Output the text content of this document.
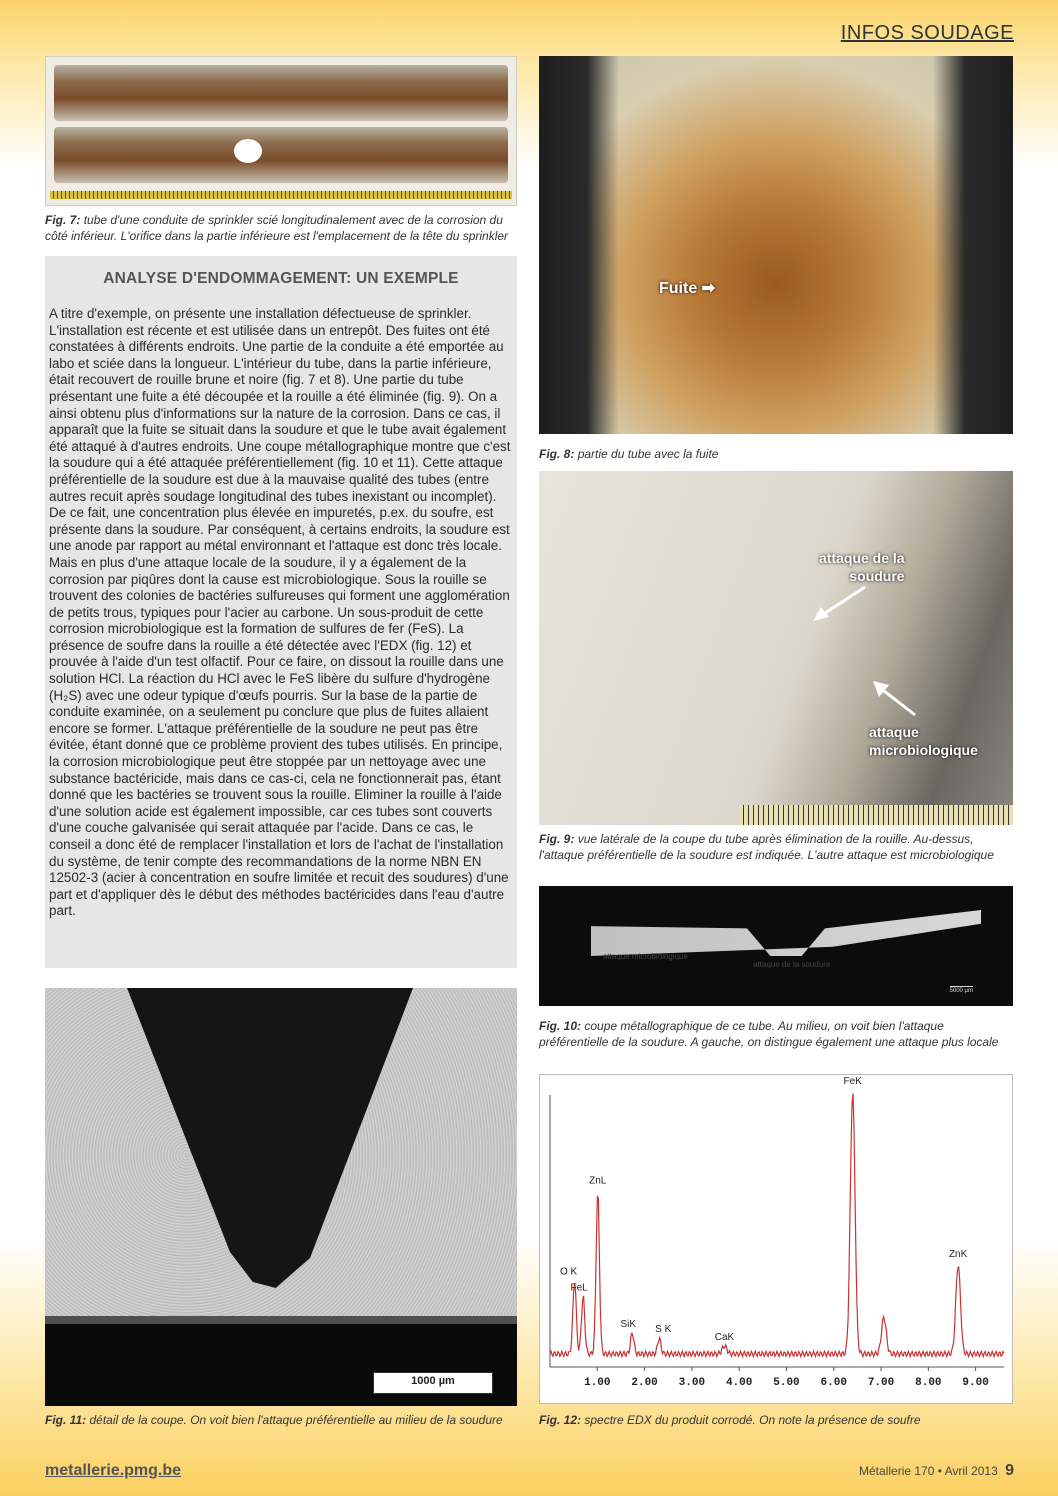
INFOS SOUDAGE
Fig. 7: tube d'une conduite de sprinkler scié longitudinalement avec de la corrosion du côté inférieur. L'orifice dans la partie inférieure est l'emplacement de la tête du sprinkler
ANALYSE D'ENDOMMAGEMENT: UN EXEMPLE

A titre d'exemple, on présente une installation défectueuse de sprinkler. L'installation est récente et est utilisée dans un entrepôt. Des fuites ont été constatées à différents endroits. Une partie de la conduite a été emportée au labo et sciée dans la longueur. L'intérieur du tube, dans la partie inférieure, était recouvert de rouille brune et noire (fig. 7 et 8). Une partie du tube présentant une fuite a été découpée et la rouille a été éliminée (fig. 9). On a ainsi obtenu plus d'informations sur la nature de la corrosion. Dans ce cas, il apparaît que la fuite se situait dans la soudure et que le tube avait également été attaqué à d'autres endroits. Une coupe métallographique montre que c'est la soudure qui a été attaquée préférentiellement (fig. 10 et 11). Cette attaque préférentielle de la soudure est due à la mauvaise qualité des tubes (entre autres recuit après soudage longitudinal des tubes inexistant ou incomplet). De ce fait, une concentration plus élevée en impuretés, p.ex. du soufre, est présente dans la soudure. Par conséquent, à certains endroits, la soudure est une anode par rapport au métal environnant et l'attaque est donc très locale. Mais en plus d'une attaque locale de la soudure, il y a également de la corrosion par piqûres dont la cause est microbiologique. Sous la rouille se trouvent des colonies de bactéries sulfureuses qui forment une agglomération de petits trous, typiques pour l'acier au carbone. Un sous-produit de cette corrosion microbiologique est la formation de sulfures de fer (FeS). La présence de soufre dans la rouille a été détectée avec l'EDX (fig. 12) et prouvée à l'aide d'un test olfactif. Pour ce faire, on dissout la rouille dans une solution HCl. La réaction du HCl avec le FeS libère du sulfure d'hydrogène (H₂S) avec une odeur typique d'œufs pourris. Sur la base de la partie de conduite examinée, on a seulement pu conclure que plus de fuites allaient encore se former. L'attaque préférentielle de la soudure ne peut pas être évitée, étant donné que ce problème provient des tubes utilisés. En principe, la corrosion microbiologique peut être stoppée par un nettoyage avec une substance bactéricide, mais dans ce cas-ci, cela ne fonctionnerait pas, étant donné que les bactéries se trouvent sous la rouille. Eliminer la rouille à l'aide d'une solution acide est également impossible, car ces tubes sont couverts d'une couche galvanisée qui serait attaquée par l'acide. Dans ce cas, le conseil a donc été de remplacer l'installation et lors de l'achat de l'installation du système, de tenir compte des recommandations de la norme NBN EN 12502-3 (acier à concentration en soufre limitée et recuit des soudures) d'une part et d'appliquer dès le début des méthodes bactéricides dans l'eau d'autre part.

Fuite ➡
Fig. 8: partie du tube avec la fuite
attaque de la
soudure
attaque
microbiologique
Fig. 9: vue latérale de la coupe du tube après élimination de la rouille. Au-dessus, l'attaque préférentielle de la soudure est indiquée. L'autre attaque est microbiologique
attaque microbiologique
attaque de la soudure
5000 µm
Fig. 10: coupe métallographique de ce tube. Au milieu, on voit bien l'attaque préférentielle de la soudure. A gauche, on distingue également une attaque plus locale
1000 µm
Fig. 11: détail de la coupe. On voit bien l'attaque préférentielle au milieu de la soudure
1.00 2.00 3.00 4.00 5.00 6.00 7.00 8.00 9.00
O K
FeL
ZnL
SiK S K
CaK
FeK
ZnK
Fig. 12: spectre EDX du produit corrodé. On note la présence de soufre
metallerie.pmg.be	Métallerie 170 • Avril 2013 9
